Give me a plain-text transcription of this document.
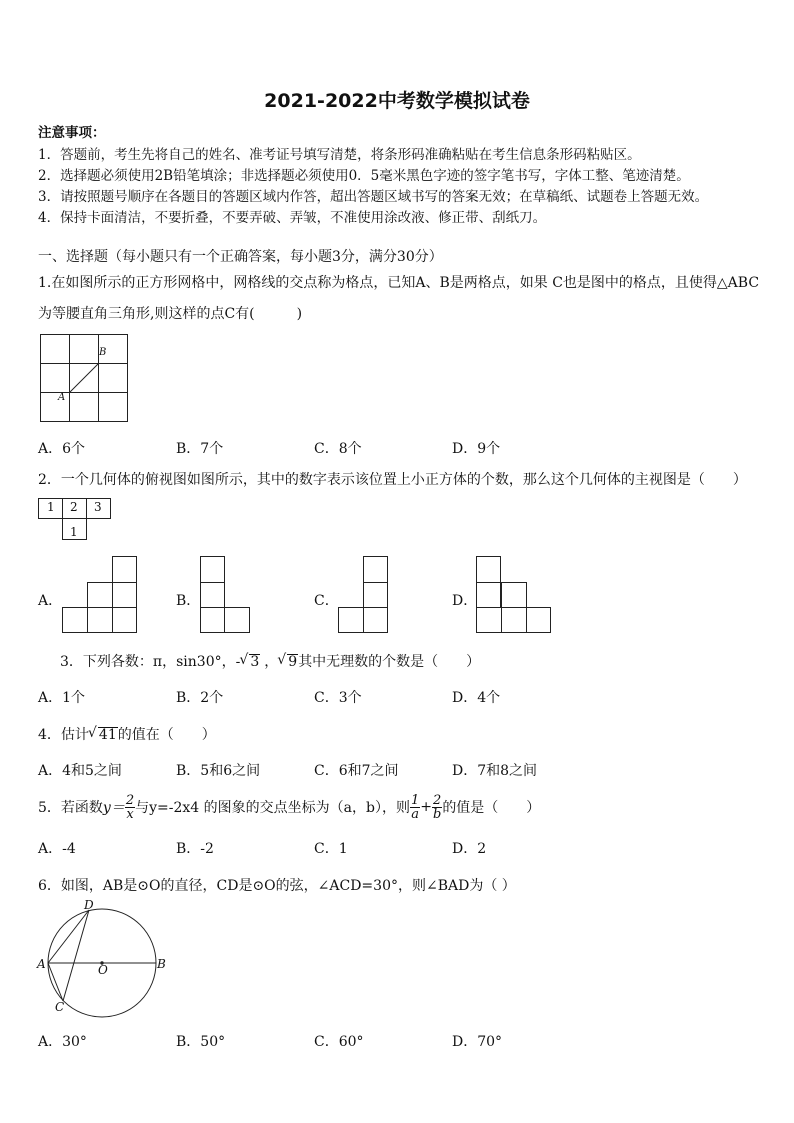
2021-2022中考数学模拟试卷
注意事项：
1．答题前，考生先将自己的姓名、准考证号填写清楚，将条形码准确粘贴在考生信息条形码粘贴区。
2．选择题必须使用2B铅笔填涂；非选择题必须使用0．5毫米黑色字迹的签字笔书写，字体工整、笔迹清楚。
3．请按照题号顺序在各题目的答题区域内作答，超出答题区域书写的答案无效；在草稿纸、试题卷上答题无效。
4．保持卡面清洁，不要折叠，不要弄破、弄皱，不准使用涂改液、修正带、刮纸刀。
一、选择题（每小题只有一个正确答案，每小题3分，满分30分）
1.在如图所示的正方形网格中，网格线的交点称为格点，已知A、B是两格点，如果 C也是图中的格点，且使得△ABC
为等腰直角三角形,则这样的点C有(　　　)
B
A
A．6个	B．7个	C．8个	D．9个
2．一个几何体的俯视图如图所示，其中的数字表示该位置上小正方体的个数，那么这个几何体的主视图是（　　）
1 2 3
1
A．	B．	C．	D．
3．下列各数：π，sin30°，- √ 3 ， √ 9其中无理数的个数是（　　）
A．1个	B．2个	C．3个	D．4个
4．估计 √ 41的值在（　　）
A．4和5之间	B．5和6之间	C．6和7之间	D．7和8之间
5．若函数 $y= \frac{2}{x}$ 与y=-2x4 的图象的交点坐标为（a，b），则 $\frac{1}{a} + \frac{2}{b}$ 的值是（　　）
A．-4	B．-2	C．1	D．2
6．如图，AB是⊙O的直径，CD是⊙O的弦，∠ACD=30°，则∠BAD为（ ）
D
A	B
O
C
A．30°	B．50°	C．60°	D．70°
